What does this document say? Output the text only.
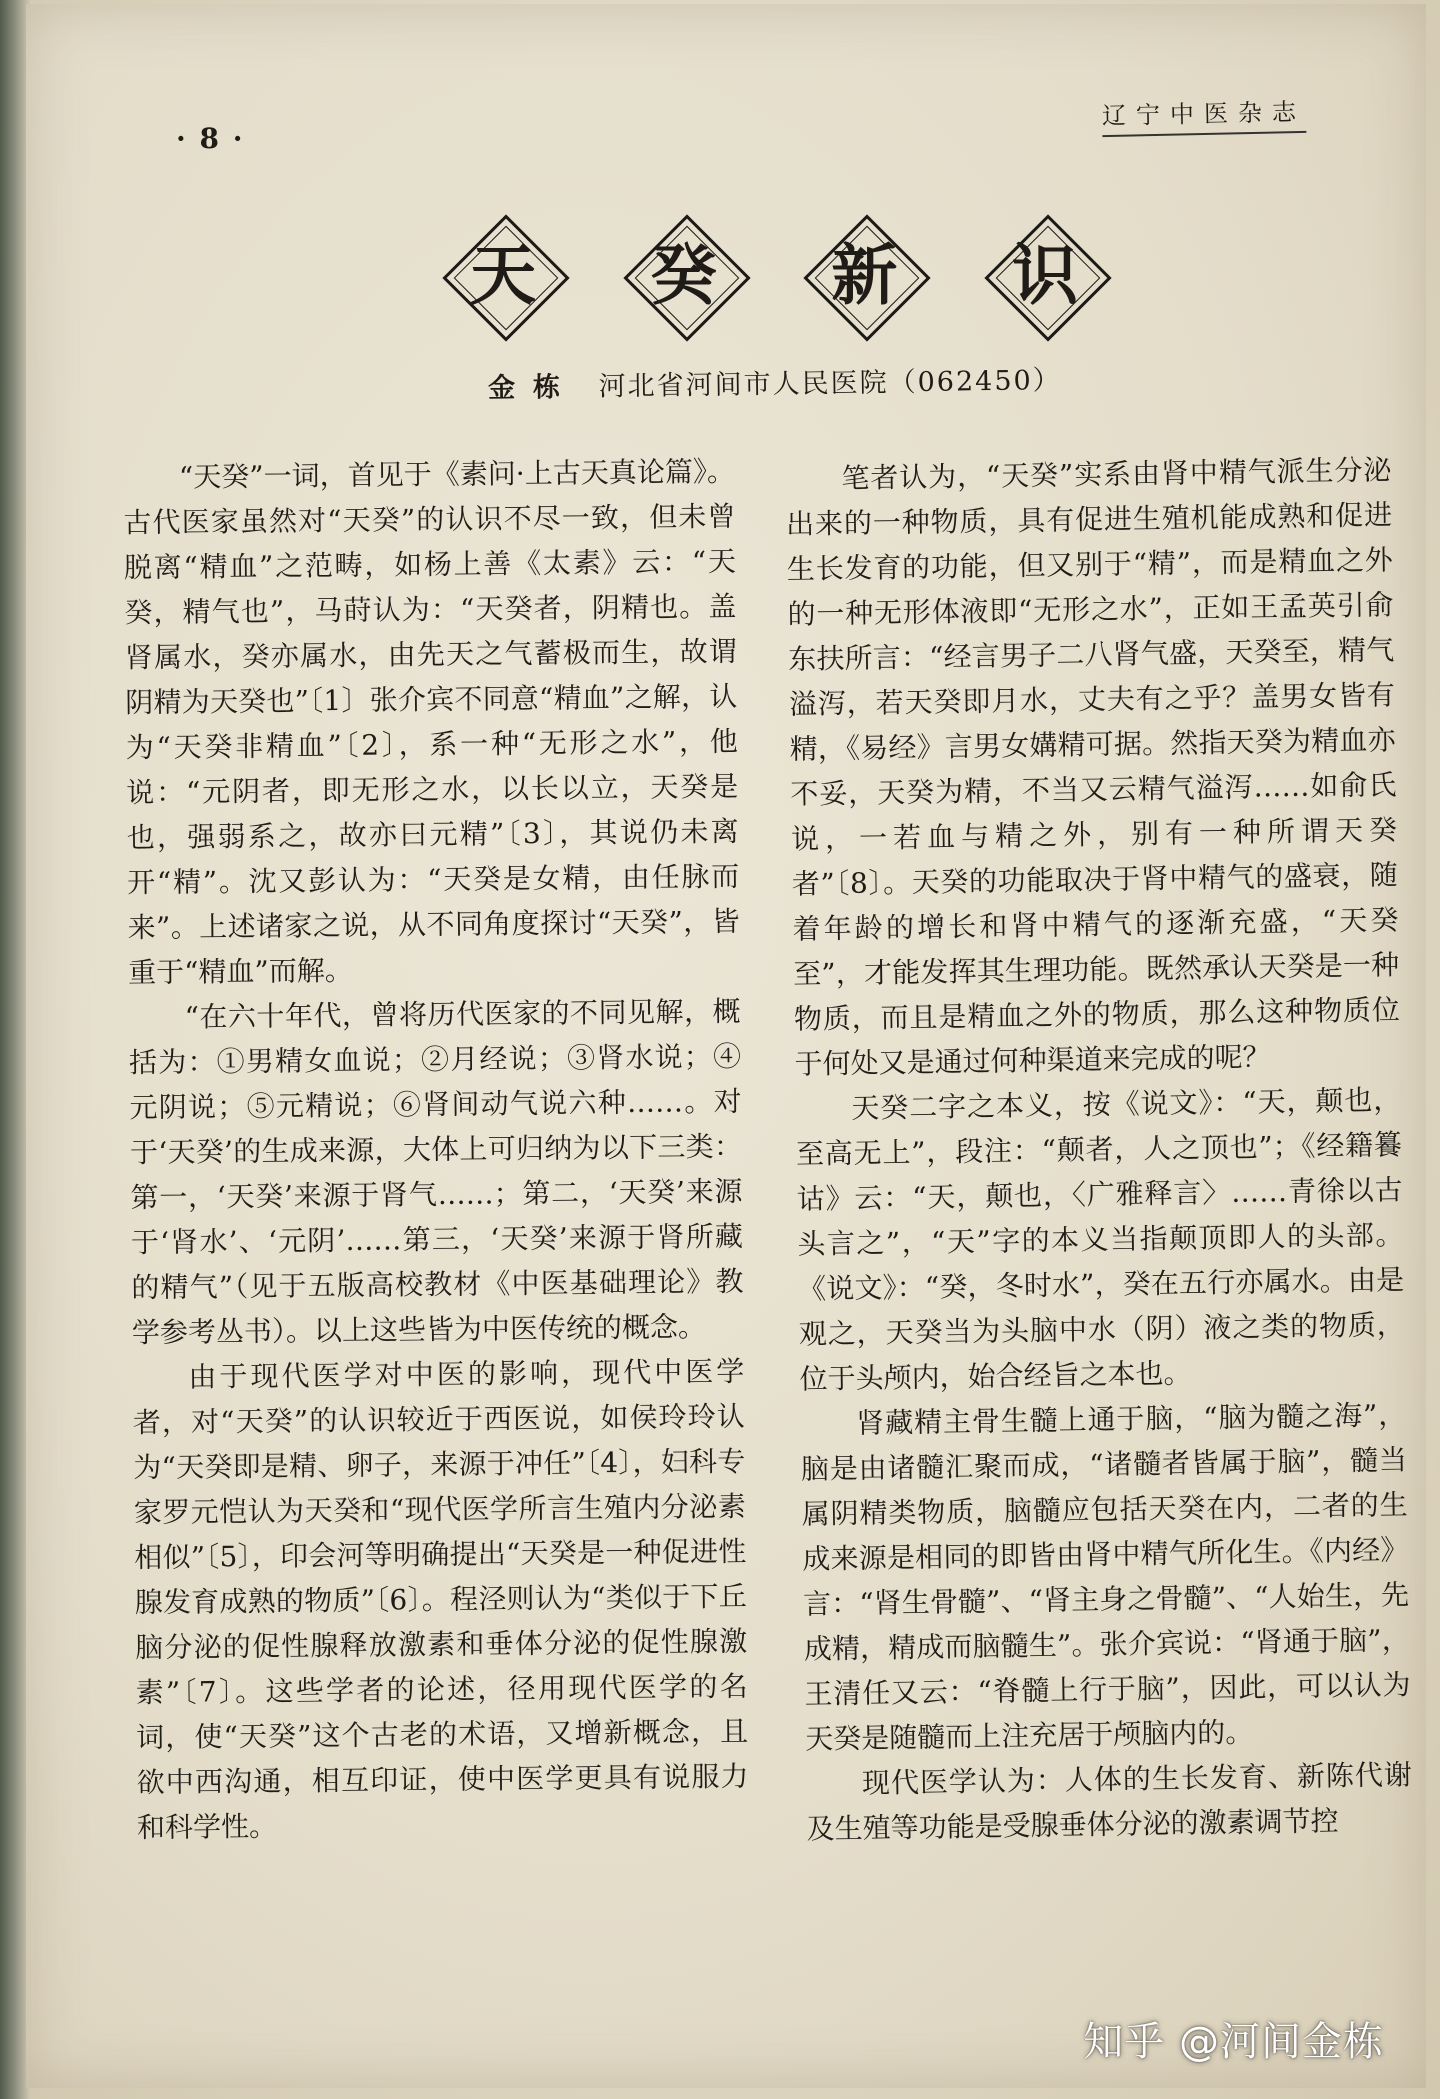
· 8 ·
辽宁中医杂志
天	癸	新	识
金栋 河北省河间市人民医院（062450）

“天癸”一词，首见于《素问·上古天真论篇》。古代医家虽然对“天癸”的认识不尽一致，但未曾脱离“精血”之范畴，如杨上善《太素》云：“天癸，精气也”，马莳认为：“天癸者，阴精也。盖肾属水，癸亦属水，由先天之气蓄极而生，故谓阴精为天癸也”〔1〕张介宾不同意“精血”之解，认为“天癸非精血”〔2〕，系一种“无形之水”，他说：“元阴者，即无形之水，以长以立，天癸是也，强弱系之，故亦曰元精”〔3〕，其说仍未离开“精”。沈又彭认为：“天癸是女精，由任脉而来”。上述诸家之说，从不同角度探讨“天癸”，皆重于“精血”而解。

“在六十年代，曾将历代医家的不同见解，概括为：①男精女血说；②月经说；③肾水说；④元阴说；⑤元精说；⑥肾间动气说六种……。对于‘天癸’的生成来源，大体上可归纳为以下三类：第一，‘天癸’来源于肾气……；第二，‘天癸’来源于‘肾水’、‘元阴’……第三，‘天癸’来源于肾所藏的精气”（见于五版高校教材《中医基础理论》教学参考丛书）。以上这些皆为中医传统的概念。

由于现代医学对中医的影响，现代中医学者，对“天癸”的认识较近于西医说，如侯玲玲认为“天癸即是精、卵子，来源于冲任”〔4〕，妇科专家罗元恺认为天癸和“现代医学所言生殖内分泌素相似”〔5〕，印会河等明确提出“天癸是一种促进性腺发育成熟的物质”〔6〕。程泾则认为“类似于下丘脑分泌的促性腺释放激素和垂体分泌的促性腺激素”〔7〕。这些学者的论述，径用现代医学的名词，使“天癸”这个古老的术语，又增新概念，且欲中西沟通，相互印证，使中医学更具有说服力和科学性。

笔者认为，“天癸”实系由肾中精气派生分泌出来的一种物质，具有促进生殖机能成熟和促进生长发育的功能，但又别于“精”，而是精血之外的一种无形体液即“无形之水”，正如王孟英引俞东扶所言：“经言男子二八肾气盛，天癸至，精气溢泻，若天癸即月水，丈夫有之乎？盖男女皆有精，《易经》言男女媾精可据。然指天癸为精血亦不妥，天癸为精，不当又云精气溢泻……如俞氏说，一若血与精之外，别有一种所谓天癸者”〔8〕。天癸的功能取决于肾中精气的盛衰，随着年龄的增长和肾中精气的逐渐充盛，“天癸至”，才能发挥其生理功能。既然承认天癸是一种物质，而且是精血之外的物质，那么这种物质位于何处又是通过何种渠道来完成的呢？

天癸二字之本义，按《说文》：“天，颠也，至高无上”，段注：“颠者，人之顶也”；《经籍籑诂》云：“天，颠也，〈广雅释言〉……青徐以古头言之”，“天”字的本义当指颠顶即人的头部。《说文》：“癸，冬时水”，癸在五行亦属水。由是观之，天癸当为头脑中水（阴）液之类的物质，位于头颅内，始合经旨之本也。

肾藏精主骨生髓上通于脑，“脑为髓之海”，脑是由诸髓汇聚而成，“诸髓者皆属于脑”，髓当属阴精类物质，脑髓应包括天癸在内，二者的生成来源是相同的即皆由肾中精气所化生。《内经》言：“肾生骨髓”、“肾主身之骨髓”、“人始生，先成精，精成而脑髓生”。张介宾说：“肾通于脑”，王清任又云：“脊髓上行于脑”，因此，可以认为天癸是随髓而上注充居于颅脑内的。

现代医学认为：人体的生长发育、新陈代谢及生殖等功能是受腺垂体分泌的激素调节控

知乎 @河间金栋
